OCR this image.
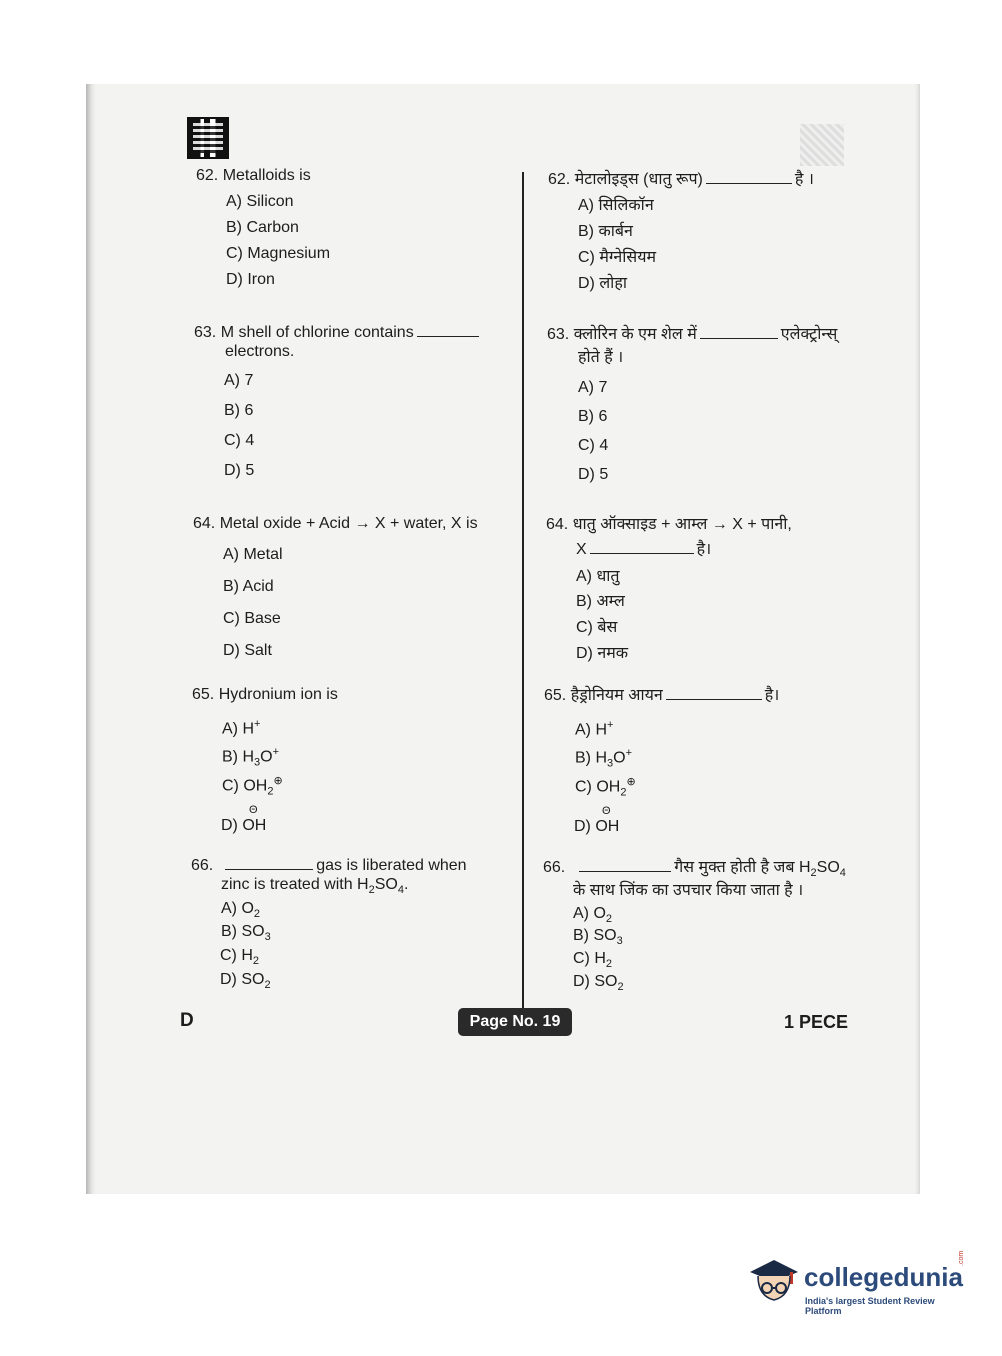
62. Metalloids is
A) Silicon
B) Carbon
C) Magnesium
D) Iron
63. M shell of chlorine contains
electrons.
A) 7
B) 6
C) 4
D) 5
64. Metal oxide + Acid → X + water, X is
A) Metal
B) Acid
C) Base
D) Salt
65. Hydronium ion is
A) H+
B) $H_3O^+$
C) $OH_2^\oplus$
Θ
D) OH
66.	gas is liberated when
zinc is treated with $H_2SO_4$.
A) $O_2$
B) $SO_3$
C) $H_2$
D) $SO_2$
62. मेटालोइड्स (धातु रूप)	है ।
A) सिलिकॉन
B) कार्बन
C) मैग्नेसियम
D) लोहा
63. क्लोरिन के एम शेल में	एलेक्ट्रोन्स्
होते हैं ।
A) 7
B) 6
C) 4
D) 5
64. धातु ऑक्साइड + आम्ल → X + पानी,
X	है।
A) धातु
B) अम्ल
C) बेस
D) नमक
65. हैड्रोनियम आयन	है।
A) H+
B) $H_3O^+$
C) $OH_2^\oplus$
Θ
D) OH
66.	गैस मुक्त होती है जब $H_2SO_4$
के साथ जिंक का उपचार किया जाता है ।
A) $O_2$
B) $SO_3$
C) $H_2$
D) $SO_2$
D	Page No. 19	1 PECE
collegedunia
.com
India's largest Student Review Platform
